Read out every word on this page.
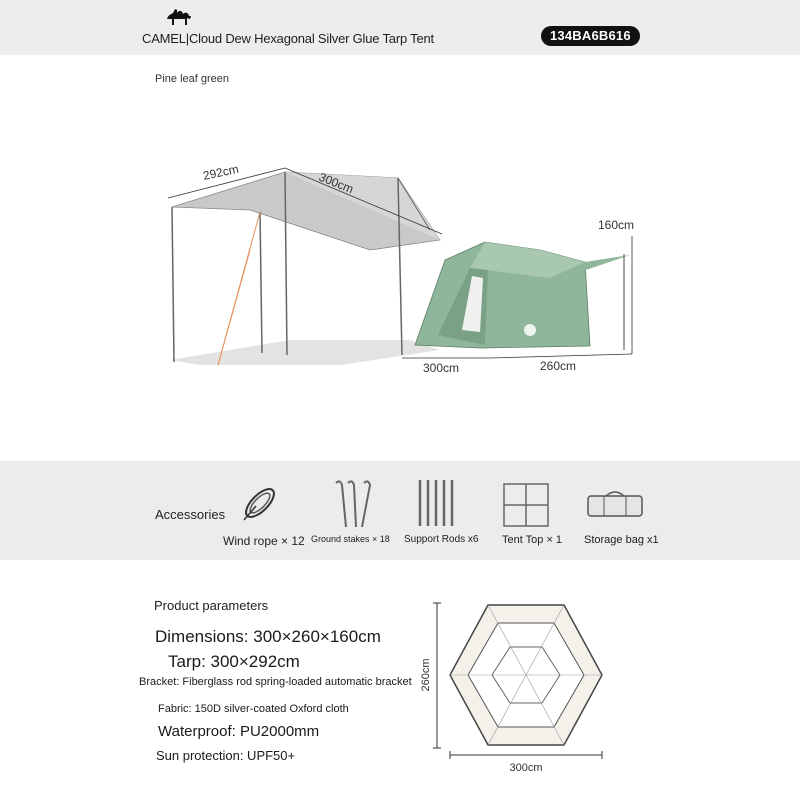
CAMEL|Cloud Dew Hexagonal Silver Glue Tarp Tent	134BA6B616
Pine leaf green
292cm	300cm
160cm
300cm	260cm
Accessories
Wind rope × 12 Ground stakes × 18 Support Rods x6 Tent Top × 1 Storage bag x1
Product parameters
Dimensions: 300×260×160cm
Tarp: 300×292cm
Bracket: Fiberglass rod spring-loaded automatic bracket
Fabric: 150D silver-coated Oxford cloth
Waterproof: PU2000mm
Sun protection: UPF50+
260cm
300cm
